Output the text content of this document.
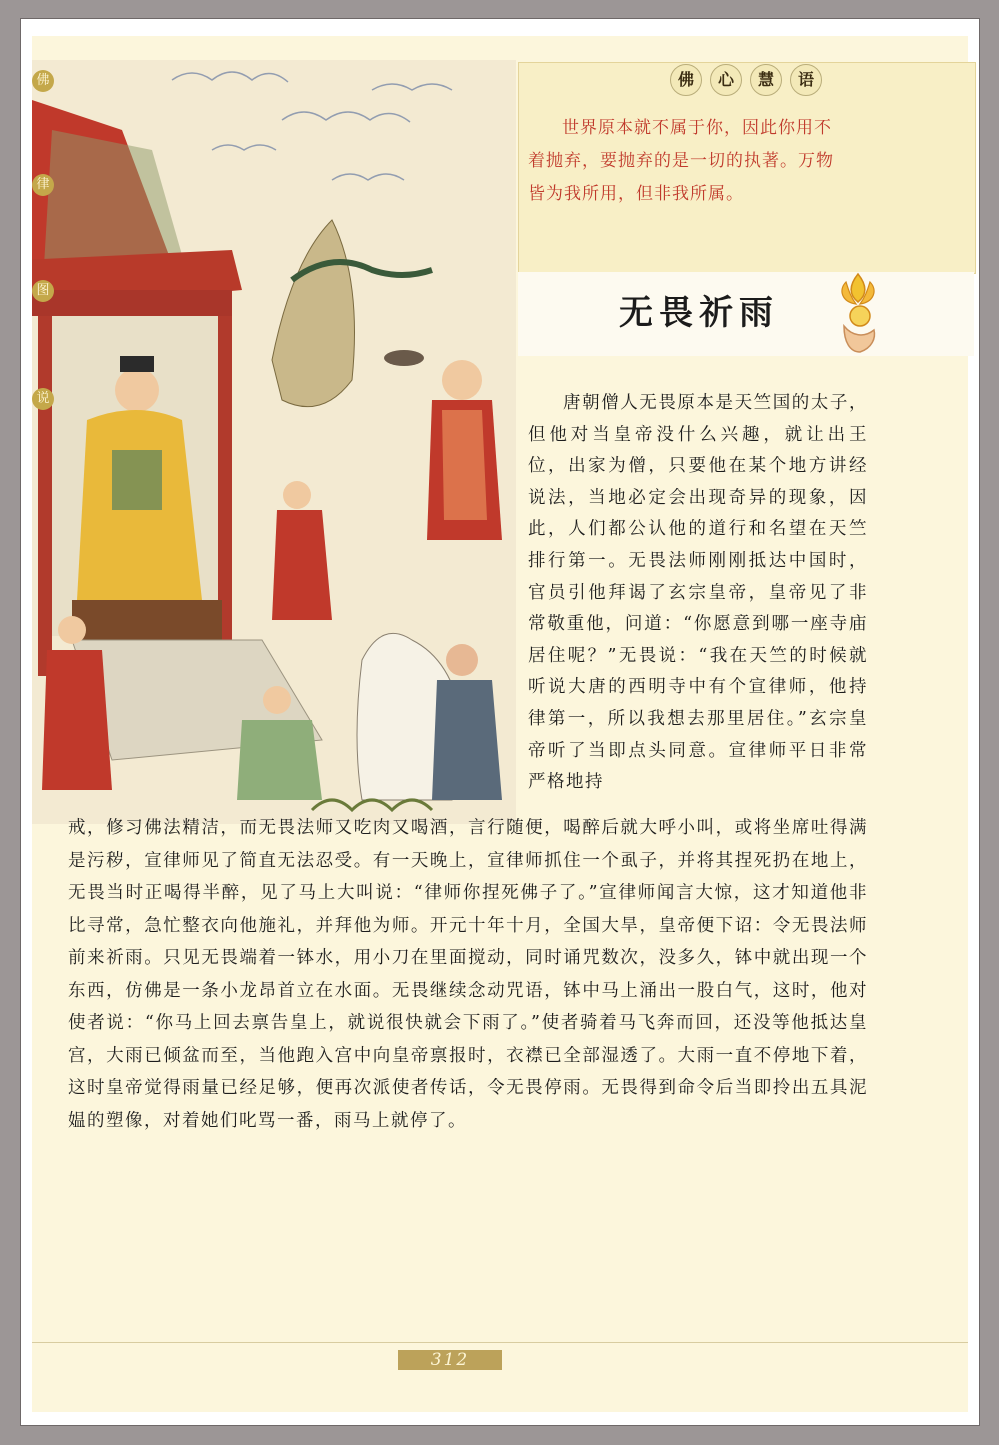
佛	心	慧	语

世界原本就不属于你，因此你用不着抛弃，要抛弃的是一切的执著。万物皆为我所用，但非我所属。

无畏祈雨
佛
律
图
说	唐朝僧人无畏原本是天竺国的太子，但他对当皇帝没什么兴趣，就让出王位，出家为僧，只要他在某个地方讲经说法，当地必定会出现奇异的现象，因此，人们都公认他的道行和名望在天竺排行第一。无畏法师刚刚抵达中国时，官员引他拜谒了玄宗皇帝，皇帝见了非常敬重他，问道：“你愿意到哪一座寺庙居住呢？”无畏说：“我在天竺的时候就听说大唐的西明寺中有个宣律师，他持律第一，所以我想去那里居住。”玄宗皇帝听了当即点头同意。宣律师平日非常严格地持

戒，修习佛法精洁，而无畏法师又吃肉又喝酒，言行随便，喝醉后就大呼小叫，或将坐席吐得满是污秽，宣律师见了简直无法忍受。有一天晚上，宣律师抓住一个虱子，并将其捏死扔在地上，无畏当时正喝得半醉，见了马上大叫说：“律师你捏死佛子了。”宣律师闻言大惊，这才知道他非比寻常，急忙整衣向他施礼，并拜他为师。开元十年十月，全国大旱，皇帝便下诏：令无畏法师前来祈雨。只见无畏端着一钵水，用小刀在里面搅动，同时诵咒数次，没多久，钵中就出现一个东西，仿佛是一条小龙昂首立在水面。无畏继续念动咒语，钵中马上涌出一股白气，这时，他对使者说：“你马上回去禀告皇上，就说很快就会下雨了。”使者骑着马飞奔而回，还没等他抵达皇宫，大雨已倾盆而至，当他跑入宫中向皇帝禀报时，衣襟已全部湿透了。大雨一直不停地下着，这时皇帝觉得雨量已经足够，便再次派使者传话，令无畏停雨。无畏得到命令后当即拎出五具泥媪的塑像，对着她们叱骂一番，雨马上就停了。

312
